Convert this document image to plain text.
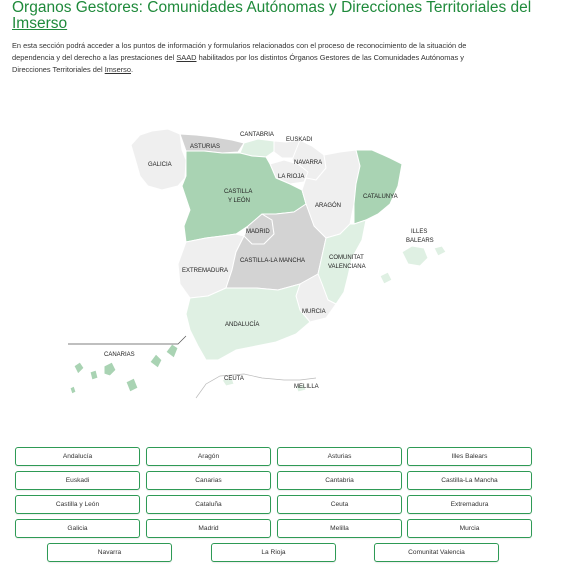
Órganos Gestores: Comunidades Autónomas y Direcciones Territoriales del
Imserso
En esta sección podrá acceder a los puntos de información y formularios relacionados con el proceso de reconocimiento de la situación de
dependencia y del derecho a las prestaciones del SAAD habilitados por los distintos Órganos Gestores de las Comunidades Autónomas y
Direcciones Territoriales del Imserso.
CANTABRIA
EUSKADI
ASTURIAS
GALICIA	NAVARRA
LA RIOJA
CASTILLA
Y LEÓN
CATALUNYA
ARAGÓN
MADRID	ILLES
BALEARS
CASTILLA-LA MANCHA	COMUNITAT
VALENCIANA
EXTREMADURA
MURCIA
ANDALUCÍA
CANARIAS
CEUTA
MELILLA
Andalucía	Aragón	Asturias	Illes Balears
Euskadi	Canarias	Cantabria	Castilla-La Mancha
Castilla y León	Cataluña	Ceuta	Extremadura
Galicia	Madrid	Melilla	Murcia
Navarra	La Rioja	Comunitat Valencia
